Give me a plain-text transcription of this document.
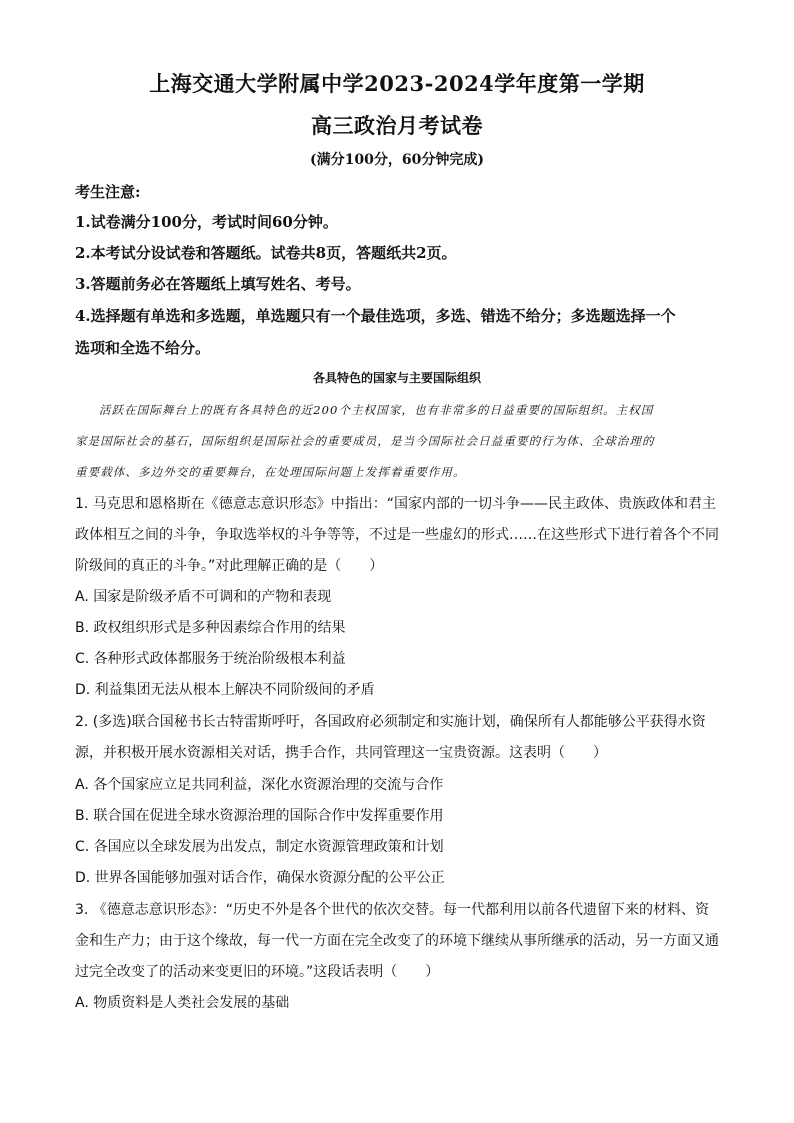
上海交通大学附属中学2023-2024学年度第一学期
高三政治月考试卷
(满分100分，60分钟完成)
考生注意:
1.试卷满分100分，考试时间60分钟。
2.本考试分设试卷和答题纸。试卷共8页，答题纸共2页。
3.答题前务必在答题纸上填写姓名、考号。
4.选择题有单选和多选题，单选题只有一个最佳选项，多选、错选不给分；多选题选择一个
选项和全选不给分。
各具特色的国家与主要国际组织
活跃在国际舞台上的既有各具特色的近200个主权国家，也有非常多的日益重要的国际组织。主权国
家是国际社会的基石，国际组织是国际社会的重要成员，是当今国际社会日益重要的行为体、全球治理的
重要载体、多边外交的重要舞台，在处理国际问题上发挥着重要作用。
1. 马克思和恩格斯在《德意志意识形态》中指出：“国家内部的一切斗争——民主政体、贵族政体和君主
政体相互之间的斗争，争取选举权的斗争等等，不过是一些虚幻的形式……在这些形式下进行着各个不同
阶级间的真正的斗争。”对此理解正确的是（　　）
A. 国家是阶级矛盾不可调和的产物和表现
B. 政权组织形式是多种因素综合作用的结果
C. 各种形式政体都服务于统治阶级根本利益
D. 利益集团无法从根本上解决不同阶级间的矛盾
2. (多选)联合国秘书长古特雷斯呼吁，各国政府必须制定和实施计划，确保所有人都能够公平获得水资
源，并积极开展水资源相关对话，携手合作，共同管理这一宝贵资源。这表明（　　）
A. 各个国家应立足共同利益，深化水资源治理的交流与合作
B. 联合国在促进全球水资源治理的国际合作中发挥重要作用
C. 各国应以全球发展为出发点，制定水资源管理政策和计划
D. 世界各国能够加强对话合作，确保水资源分配的公平公正
3. 《德意志意识形态》：“历史不外是各个世代的依次交替。每一代都利用以前各代遗留下来的材料、资
金和生产力；由于这个缘故，每一代一方面在完全改变了的环境下继续从事所继承的活动，另一方面又通
过完全改变了的活动来变更旧的环境。”这段话表明（　　）
A. 物质资料是人类社会发展的基础
